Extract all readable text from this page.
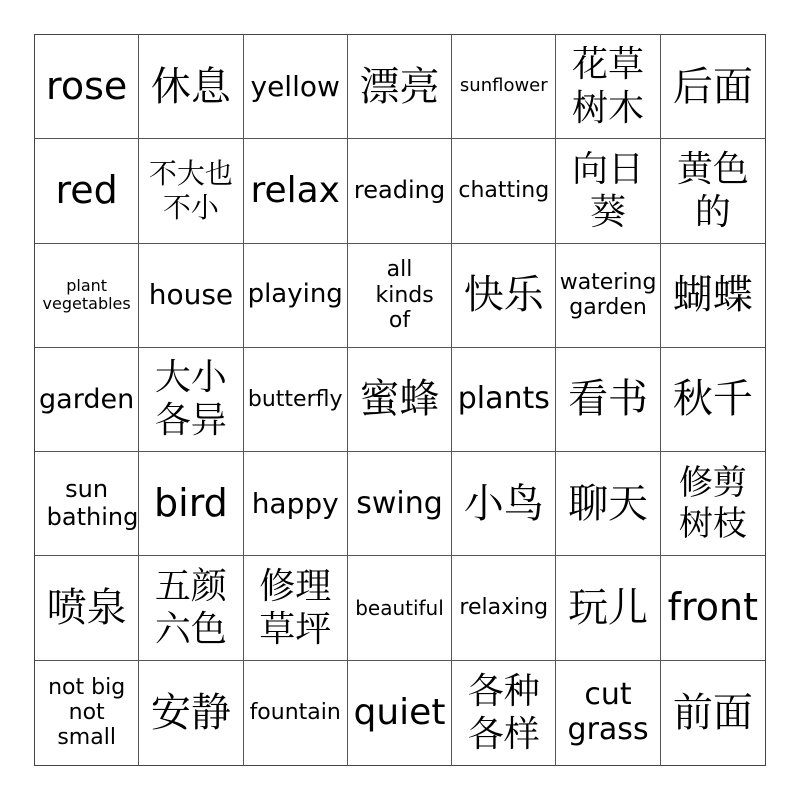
rose 休息 yellow 漂亮 sunflower
花草树木 后面
red 不大也不小 relax reading chatting
向日葵
黄色的
plant vegetables house playing
all kinds of
快乐 watering garden 蝴蝶
garden
大小各异
butterfly 蜜蜂 plants 看书 秋千
sun bathing bird happy swing 小鸟 聊天 修剪树枝
喷泉 五颜六色
修理草坪
beautiful relaxing 玩儿 front
not big not small
安静 fountain quiet
各种各样
cut grass 前面
